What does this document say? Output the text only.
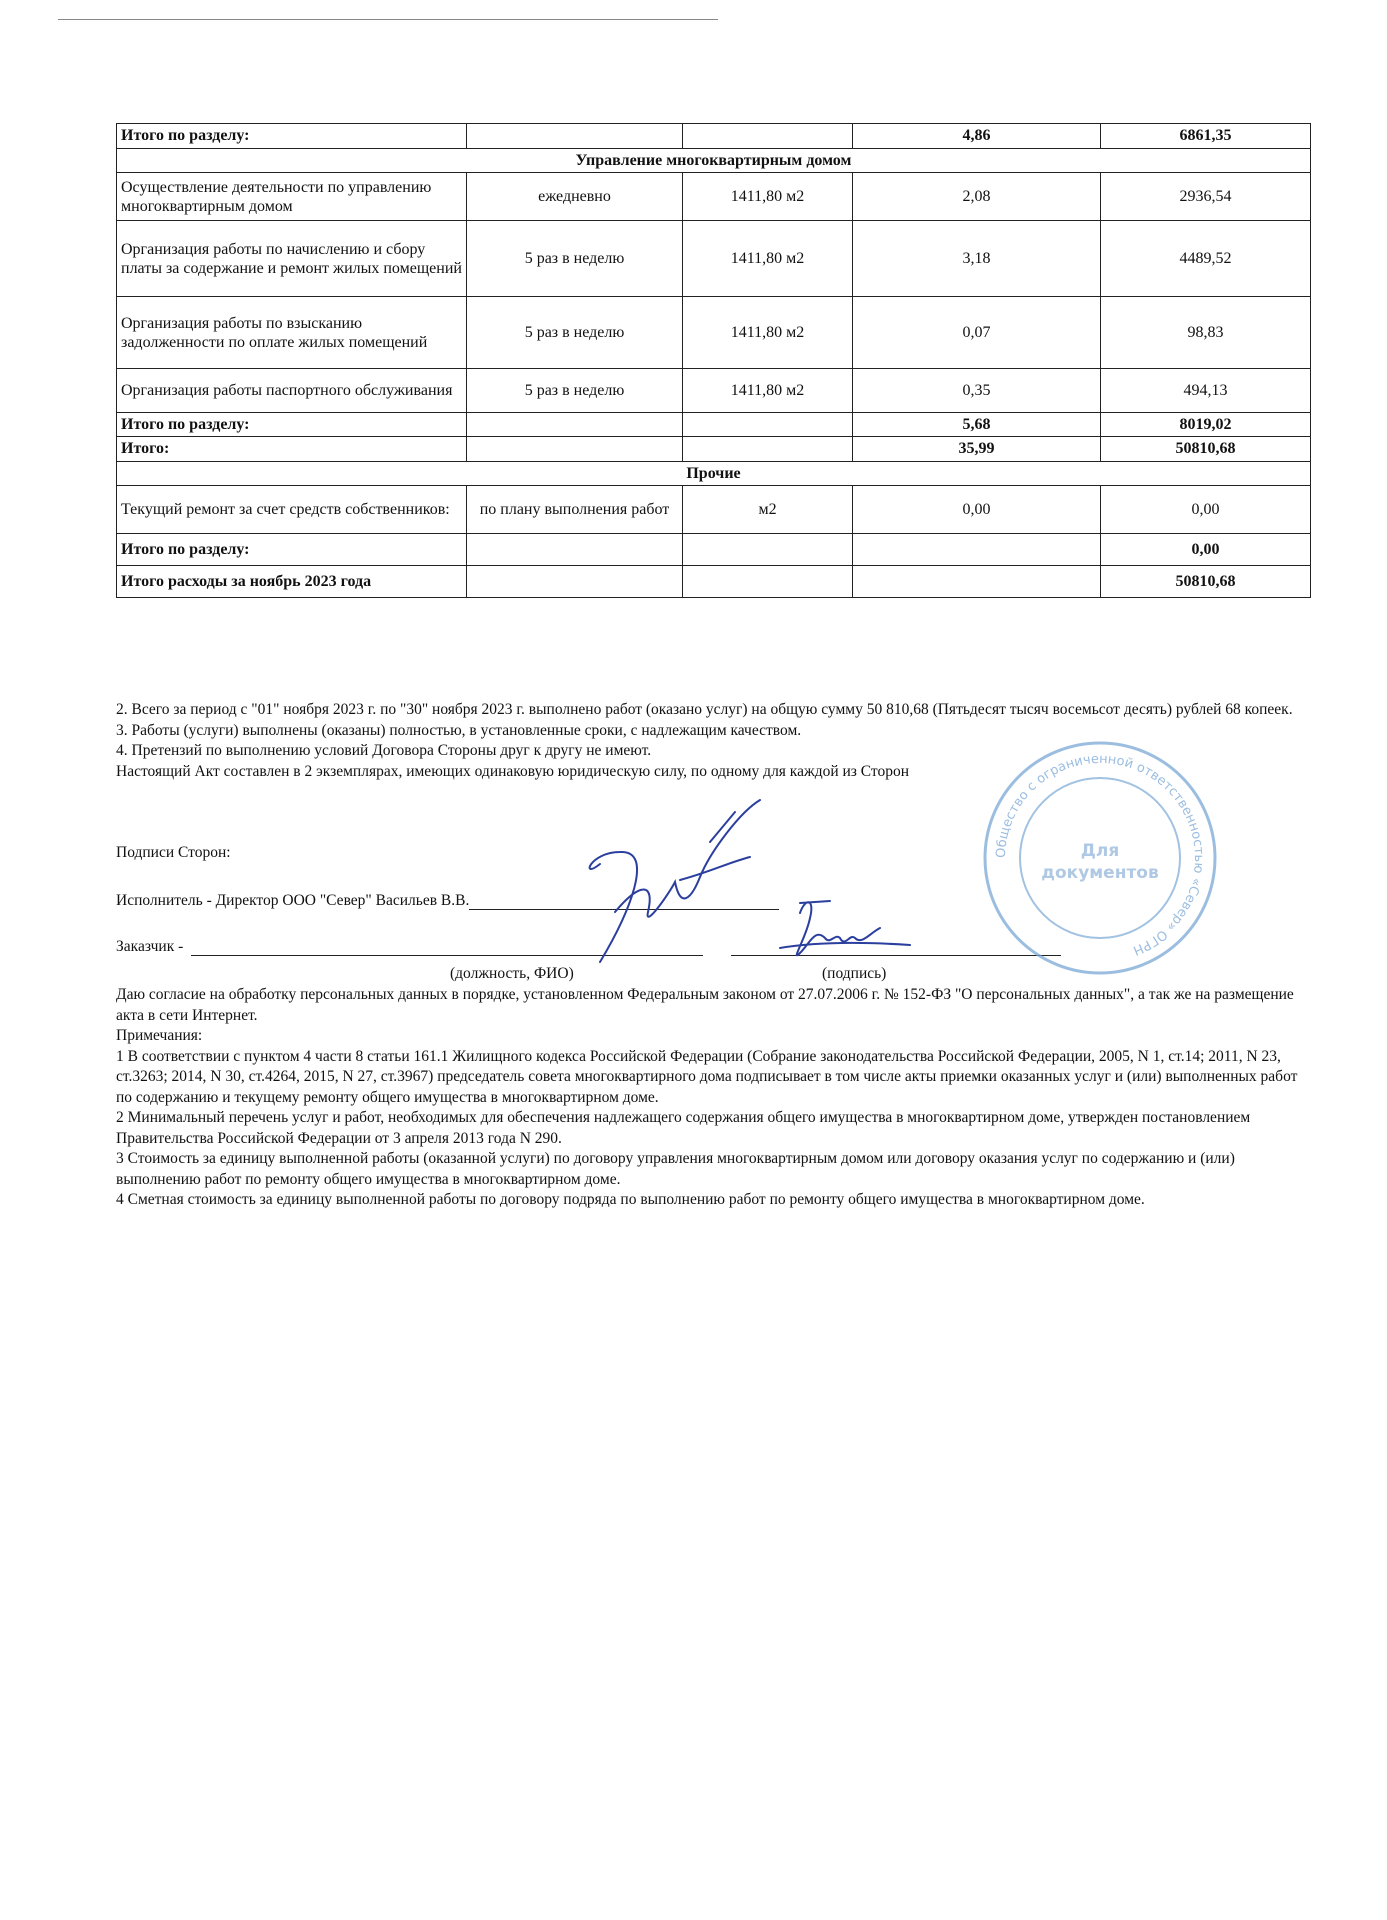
Итого по разделу:			4,86	6861,35
Управление многоквартирным домом				
Осуществление деятельности по управлению многоквартирным домом	ежедневно	1411,80 м2	2,08	2936,54
Организация работы по начислению и сбору платы за содержание и ремонт жилых помещений	5 раз в неделю	1411,80 м2	3,18	4489,52
Организация работы по взысканию задолженности по оплате жилых помещений	5 раз в неделю	1411,80 м2	0,07	98,83
Организация работы паспортного обслуживания	5 раз в неделю	1411,80 м2	0,35	494,13
Итого по разделу:			5,68	8019,02
Итого:			35,99	50810,68
Прочие				
Текущий ремонт за счет средств собственников:	по плану выполнения работ	м2	0,00	0,00
Итого по разделу:				0,00
Итого расходы за ноябрь 2023 года				50810,68
2. Всего за период с "01" ноября 2023 г. по "30" ноября 2023 г. выполнено работ (оказано услуг) на общую сумму 50 810,68 (Пятьдесят тысяч восемьсот десять) рублей 68 копеек.
3. Работы (услуги) выполнены (оказаны) полностью, в установленные сроки, с надлежащим качеством.
4. Претензий по выполнению условий Договора Стороны друг к другу не имеют.
Настоящий Акт составлен в 2 экземплярах, имеющих одинаковую юридическую силу, по одному для каждой из Сторон
Подписи Сторон:
Исполнитель - Директор ООО "Север" Васильев В.В.
Заказчик -
(должность, ФИО)	(подпись)
Даю согласие на обработку персональных данных в порядке, установленном Федеральным законом от 27.07.2006 г. № 152-ФЗ "О персональных данных", а так же на размещение акта в сети Интернет.
Примечания:
1 В соответствии с пунктом 4 части 8 статьи 161.1 Жилищного кодекса Российской Федерации (Собрание законодательства Российской Федерации, 2005, N 1, ст.14; 2011, N 23, ст.3263; 2014, N 30, ст.4264, 2015, N 27, ст.3967) председатель совета многоквартирного дома подписывает в том числе акты приемки оказанных услуг и (или) выполненных работ по содержанию и текущему ремонту общего имущества в многоквартирном доме.
2 Минимальный перечень услуг и работ, необходимых для обеспечения надлежащего содержания общего имущества в многоквартирном доме, утвержден постановлением Правительства Российской Федерации от 3 апреля 2013 года N 290.
3 Стоимость за единицу выполненной работы (оказанной услуги) по договору управления многоквартирным домом или договору оказания услуг по содержанию и (или) выполнению работ по ремонту общего имущества в многоквартирном доме.
4 Сметная стоимость за единицу выполненной работы по договору подряда по выполнению работ по ремонту общего имущества в многоквартирном доме.
Общество с ограниченной ответственностью «Север» ОГРН
Для документов
